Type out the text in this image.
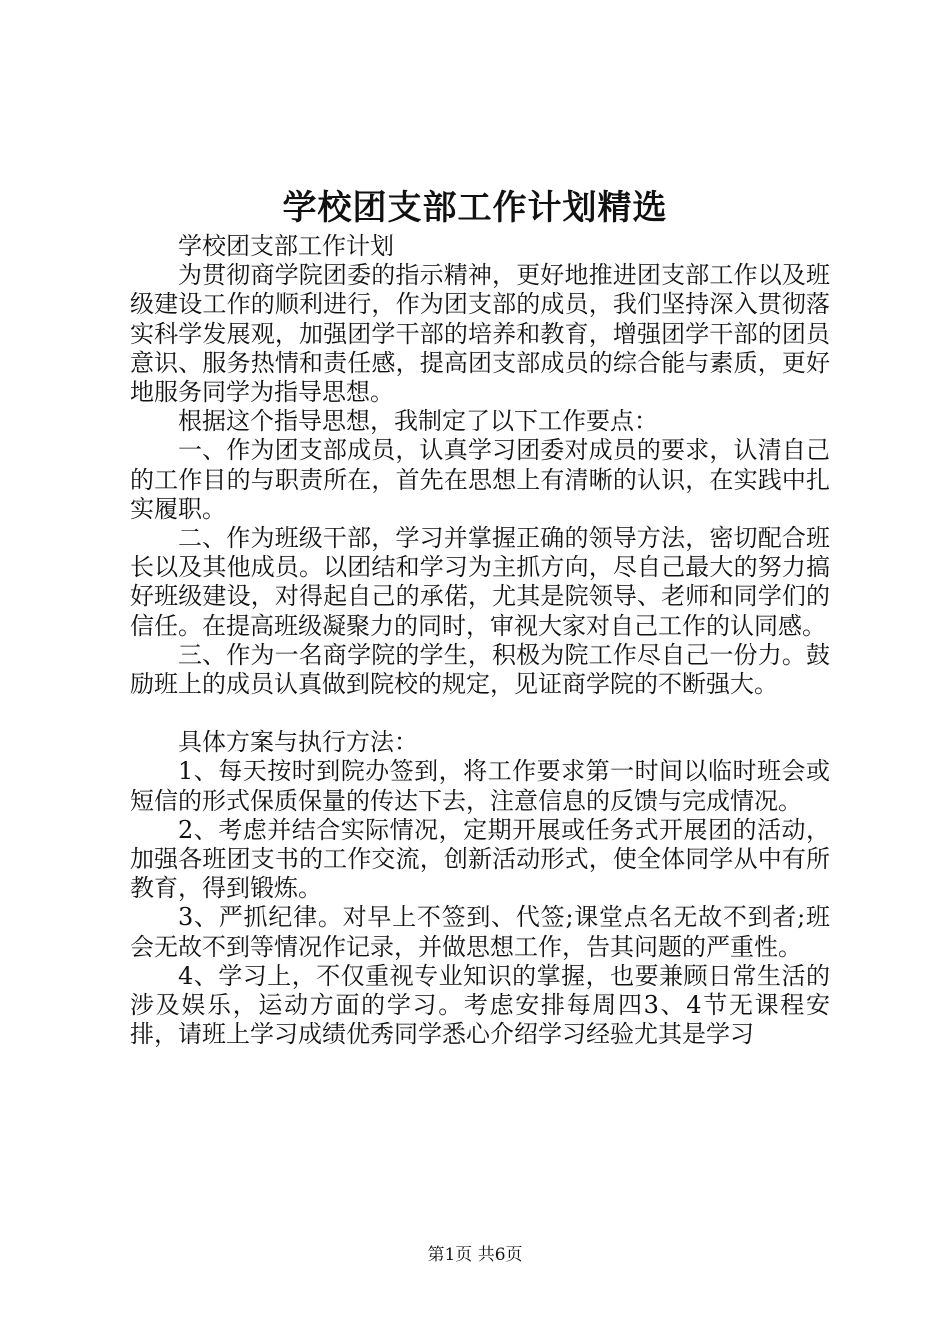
学校团支部工作计划精选

学校团支部工作计划

为贯彻商学院团委的指示精神，更好地推进团支部工作以及班级建设工作的顺利进行，作为团支部的成员，我们坚持深入贯彻落实科学发展观，加强团学干部的培养和教育，增强团学干部的团员意识、服务热情和责任感，提高团支部成员的综合能与素质，更好地服务同学为指导思想。

根据这个指导思想，我制定了以下工作要点：

一、作为团支部成员，认真学习团委对成员的要求，认清自己的工作目的与职责所在，首先在思想上有清晰的认识，在实践中扎实履职。

二、作为班级干部，学习并掌握正确的领导方法，密切配合班长以及其他成员。以团结和学习为主抓方向，尽自己最大的努力搞好班级建设，对得起自己的承偌，尤其是院领导、老师和同学们的信任。在提高班级凝聚力的同时，审视大家对自己工作的认同感。

三、作为一名商学院的学生，积极为院工作尽自己一份力。鼓励班上的成员认真做到院校的规定，见证商学院的不断强大。

具体方案与执行方法：

1、每天按时到院办签到，将工作要求第一时间以临时班会或短信的形式保质保量的传达下去，注意信息的反馈与完成情况。

2、考虑并结合实际情况，定期开展或任务式开展团的活动，加强各班团支书的工作交流，创新活动形式，使全体同学从中有所教育，得到锻炼。

3、严抓纪律。对早上不签到、代签;课堂点名无故不到者;班会无故不到等情况作记录，并做思想工作，告其问题的严重性。

4、学习上，不仅重视专业知识的掌握，也要兼顾日常生活的涉及娱乐，运动方面的学习。考虑安排每周四3、4节无课程安排，请班上学习成绩优秀同学悉心介绍学习经验尤其是学习

第1页 共6页
